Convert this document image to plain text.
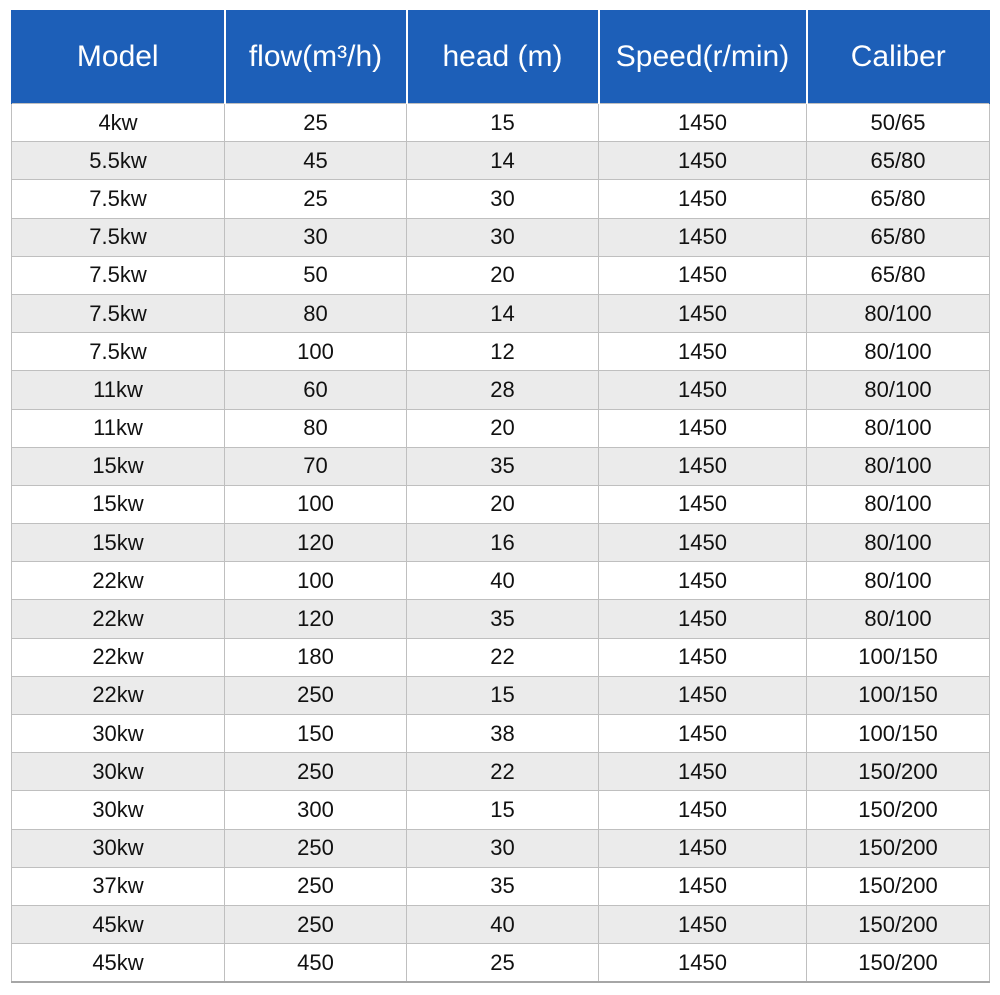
Model	flow(m³/h)	head (m)	Speed(r/min)	Caliber
4kw	25	15	1450	50/65
5.5kw	45	14	1450	65/80
7.5kw	25	30	1450	65/80
7.5kw	30	30	1450	65/80
7.5kw	50	20	1450	65/80
7.5kw	80	14	1450	80/100
7.5kw	100	12	1450	80/100
11kw	60	28	1450	80/100
11kw	80	20	1450	80/100
15kw	70	35	1450	80/100
15kw	100	20	1450	80/100
15kw	120	16	1450	80/100
22kw	100	40	1450	80/100
22kw	120	35	1450	80/100
22kw	180	22	1450	100/150
22kw	250	15	1450	100/150
30kw	150	38	1450	100/150
30kw	250	22	1450	150/200
30kw	300	15	1450	150/200
30kw	250	30	1450	150/200
37kw	250	35	1450	150/200
45kw	250	40	1450	150/200
45kw	450	25	1450	150/200
